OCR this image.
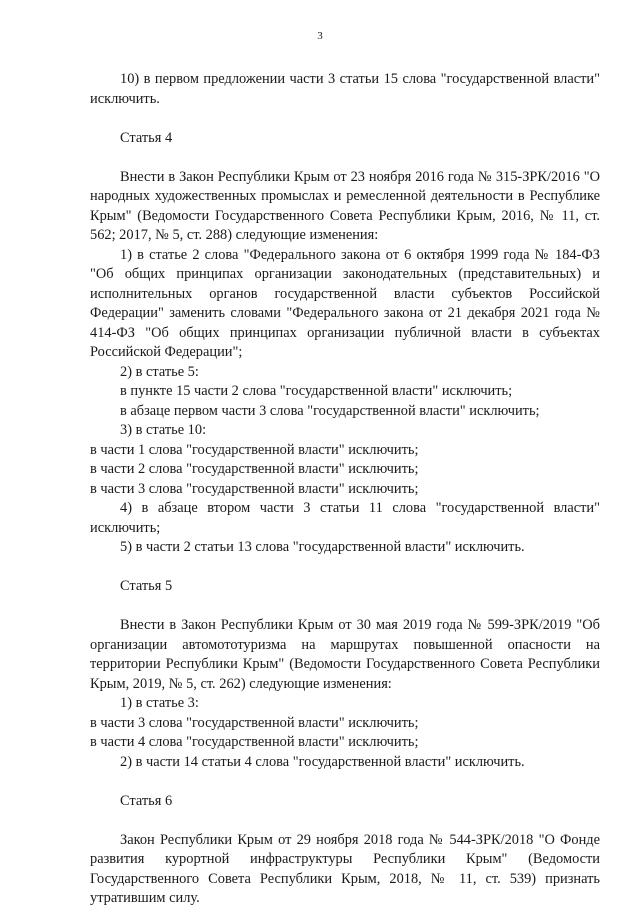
3

10) в первом предложении части 3 статьи 15 слова "государственной власти" исключить.

Статья 4

Внести в Закон Республики Крым от 23 ноября 2016 года № 315-ЗРК/2016 "О народных художественных промыслах и ремесленной деятельности в Республике Крым" (Ведомости Государственного Совета Республики Крым, 2016, № 11, ст. 562; 2017, № 5, ст. 288) следующие изменения:

1) в статье 2 слова "Федерального закона от 6 октября 1999 года № 184-ФЗ "Об общих принципах организации законодательных (представительных) и исполнительных органов государственной власти субъектов Российской Федерации" заменить словами "Федерального закона от 21 декабря 2021 года № 414-ФЗ "Об общих принципах организации публичной власти в субъектах Российской Федерации";

2) в статье 5:

в пункте 15 части 2 слова "государственной власти" исключить;

в абзаце первом части 3 слова "государственной власти" исключить;

3) в статье 10:

в части 1 слова "государственной власти" исключить;

в части 2 слова "государственной власти" исключить;

в части 3 слова "государственной власти" исключить;

4) в абзаце втором части 3 статьи 11 слова "государственной власти" исключить;

5) в части 2 статьи 13 слова "государственной власти" исключить.

Статья 5

Внести в Закон Республики Крым от 30 мая 2019 года № 599-ЗРК/2019 "Об организации автомототуризма на маршрутах повышенной опасности на территории Республики Крым" (Ведомости Государственного Совета Республики Крым, 2019, № 5, ст. 262) следующие изменения:

1) в статье 3:

в части 3 слова "государственной власти" исключить;

в части 4 слова "государственной власти" исключить;

2) в части 14 статьи 4 слова "государственной власти" исключить.

Статья 6

Закон Республики Крым от 29 ноября 2018 года № 544-ЗРК/2018 "О Фонде развития курортной инфраструктуры Республики Крым" (Ведомости Государственного Совета Республики Крым, 2018, № 11, ст. 539) признать утратившим силу.
